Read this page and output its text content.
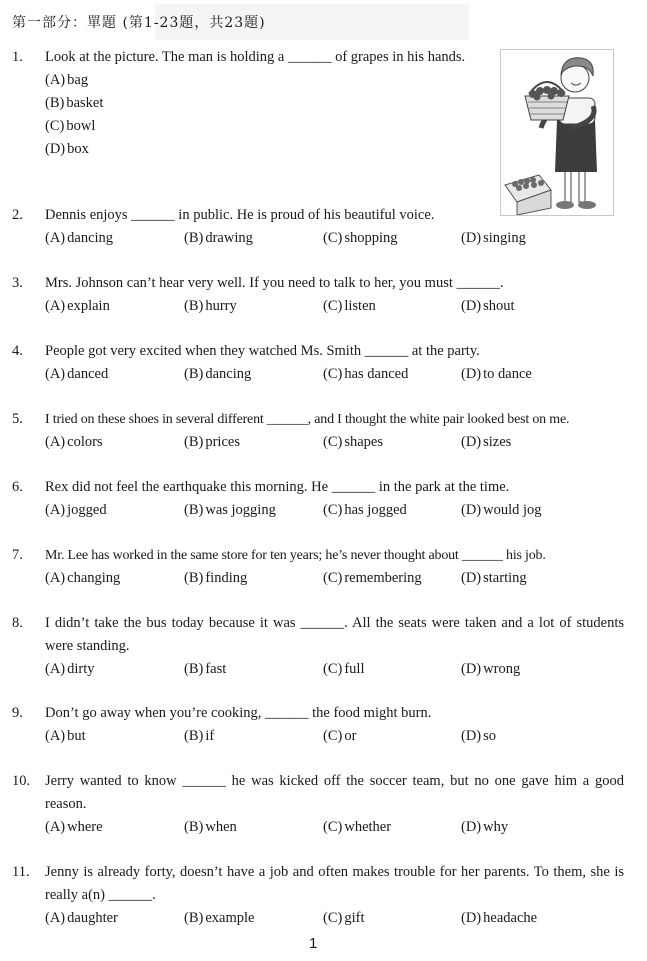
第一部分：單題 (第1-23題，共23題)
1. Look at the picture. The man is holding a ______ of grapes in his hands.
(A) bag
(B) basket
(C) bowl
(D) box
2. Dennis enjoys ______ in public. He is proud of his beautiful voice.
(A) dancing	(B) drawing	(C) shopping	(D) singing
3. Mrs. Johnson can’t hear very well. If you need to talk to her, you must ______.
(A) explain	(B) hurry	(C) listen	(D) shout
4. People got very excited when they watched Ms. Smith ______ at the party.
(A) danced	(B) dancing	(C) has danced	(D) to dance
5. I tried on these shoes in several different ______, and I thought the white pair looked best on me.
(A) colors	(B) prices	(C) shapes	(D) sizes
6. Rex did not feel the earthquake this morning. He ______ in the park at the time.
(A) jogged	(B) was jogging	(C) has jogged	(D) would jog
7. Mr. Lee has worked in the same store for ten years; he’s never thought about ______ his job.
(A) changing	(B) finding	(C) remembering	(D) starting
8. I didn’t take the bus today because it was ______. All the seats were taken and a lot of students were standing.
(A) dirty	(B) fast	(C) full	(D) wrong
9. Don’t go away when you’re cooking, ______ the food might burn.
(A) but	(B) if	(C) or	(D) so
10. Jerry wanted to know ______ he was kicked off the soccer team, but no one gave him a good reason.
(A) where	(B) when	(C) whether	(D) why
11. Jenny is already forty, doesn’t have a job and often makes trouble for her parents. To them, she is really a(n) ______.
(A) daughter	(B) example	(C) gift	(D) headache
1
